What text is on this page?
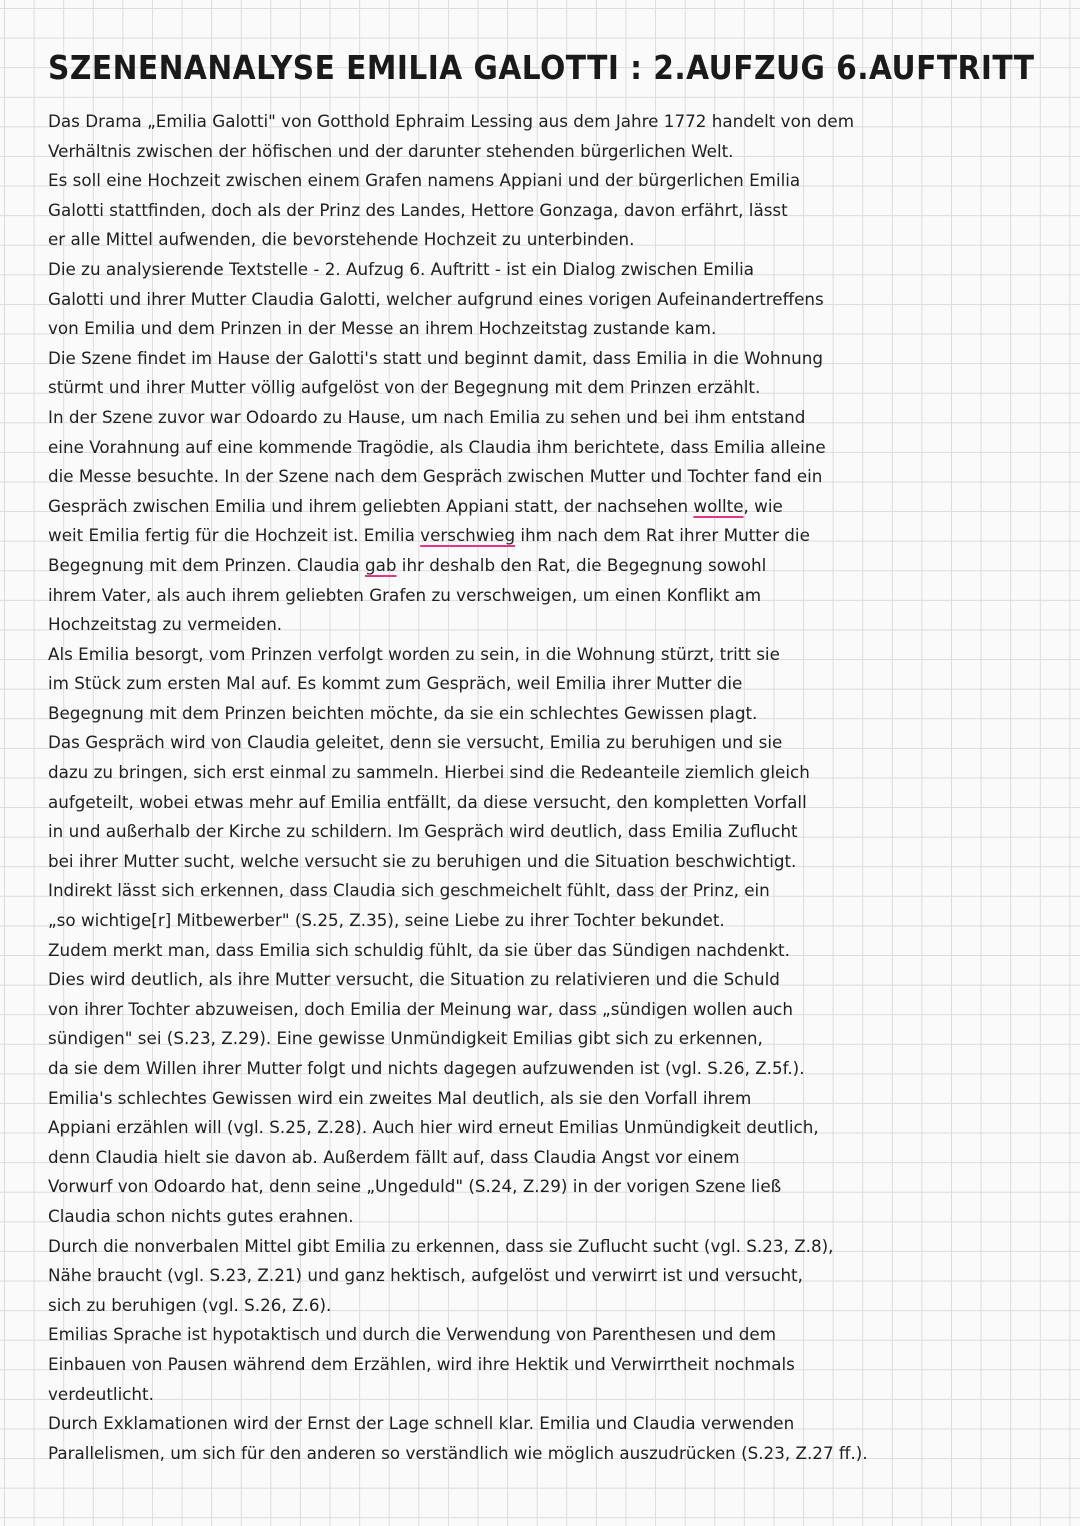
SZENENANALYSE EMILIA GALOTTI : 2.AUFZUG 6.AUFTRITT
Das Drama „Emilia Galotti" von Gotthold Ephraim Lessing aus dem Jahre 1772 handelt von dem
Verhältnis zwischen der höfischen und der darunter stehenden bürgerlichen Welt.
Es soll eine Hochzeit zwischen einem Grafen namens Appiani und der bürgerlichen Emilia
Galotti stattfinden, doch als der Prinz des Landes, Hettore Gonzaga, davon erfährt, lässt
er alle Mittel aufwenden, die bevorstehende Hochzeit zu unterbinden.
Die zu analysierende Textstelle - 2. Aufzug 6. Auftritt - ist ein Dialog zwischen Emilia
Galotti und ihrer Mutter Claudia Galotti, welcher aufgrund eines vorigen Aufeinandertreffens
von Emilia und dem Prinzen in der Messe an ihrem Hochzeitstag zustande kam.
Die Szene findet im Hause der Galotti's statt und beginnt damit, dass Emilia in die Wohnung
stürmt und ihrer Mutter völlig aufgelöst von der Begegnung mit dem Prinzen erzählt.
In der Szene zuvor war Odoardo zu Hause, um nach Emilia zu sehen und bei ihm entstand
eine Vorahnung auf eine kommende Tragödie, als Claudia ihm berichtete, dass Emilia alleine
die Messe besuchte. In der Szene nach dem Gespräch zwischen Mutter und Tochter fand ein
Gespräch zwischen Emilia und ihrem geliebten Appiani statt, der nachsehen wollte, wie
weit Emilia fertig für die Hochzeit ist. Emilia verschwieg ihm nach dem Rat ihrer Mutter die
Begegnung mit dem Prinzen. Claudia gab ihr deshalb den Rat, die Begegnung sowohl
ihrem Vater, als auch ihrem geliebten Grafen zu verschweigen, um einen Konflikt am
Hochzeitstag zu vermeiden.
Als Emilia besorgt, vom Prinzen verfolgt worden zu sein, in die Wohnung stürzt, tritt sie
im Stück zum ersten Mal auf. Es kommt zum Gespräch, weil Emilia ihrer Mutter die
Begegnung mit dem Prinzen beichten möchte, da sie ein schlechtes Gewissen plagt.
Das Gespräch wird von Claudia geleitet, denn sie versucht, Emilia zu beruhigen und sie
dazu zu bringen, sich erst einmal zu sammeln. Hierbei sind die Redeanteile ziemlich gleich
aufgeteilt, wobei etwas mehr auf Emilia entfällt, da diese versucht, den kompletten Vorfall
in und außerhalb der Kirche zu schildern. Im Gespräch wird deutlich, dass Emilia Zuflucht
bei ihrer Mutter sucht, welche versucht sie zu beruhigen und die Situation beschwichtigt.
Indirekt lässt sich erkennen, dass Claudia sich geschmeichelt fühlt, dass der Prinz, ein
„so wichtige[r] Mitbewerber" (S.25, Z.35), seine Liebe zu ihrer Tochter bekundet.
Zudem merkt man, dass Emilia sich schuldig fühlt, da sie über das Sündigen nachdenkt.
Dies wird deutlich, als ihre Mutter versucht, die Situation zu relativieren und die Schuld
von ihrer Tochter abzuweisen, doch Emilia der Meinung war, dass „sündigen wollen auch
sündigen" sei (S.23, Z.29). Eine gewisse Unmündigkeit Emilias gibt sich zu erkennen,
da sie dem Willen ihrer Mutter folgt und nichts dagegen aufzuwenden ist (vgl. S.26, Z.5f.).
Emilia's schlechtes Gewissen wird ein zweites Mal deutlich, als sie den Vorfall ihrem
Appiani erzählen will (vgl. S.25, Z.28). Auch hier wird erneut Emilias Unmündigkeit deutlich,
denn Claudia hielt sie davon ab. Außerdem fällt auf, dass Claudia Angst vor einem
Vorwurf von Odoardo hat, denn seine „Ungeduld" (S.24, Z.29) in der vorigen Szene ließ
Claudia schon nichts gutes erahnen.
Durch die nonverbalen Mittel gibt Emilia zu erkennen, dass sie Zuflucht sucht (vgl. S.23, Z.8),
Nähe braucht (vgl. S.23, Z.21) und ganz hektisch, aufgelöst und verwirrt ist und versucht,
sich zu beruhigen (vgl. S.26, Z.6).
Emilias Sprache ist hypotaktisch und durch die Verwendung von Parenthesen und dem
Einbauen von Pausen während dem Erzählen, wird ihre Hektik und Verwirrtheit nochmals
verdeutlicht.
Durch Exklamationen wird der Ernst der Lage schnell klar. Emilia und Claudia verwenden
Parallelismen, um sich für den anderen so verständlich wie möglich auszudrücken (S.23, Z.27 ff.).
